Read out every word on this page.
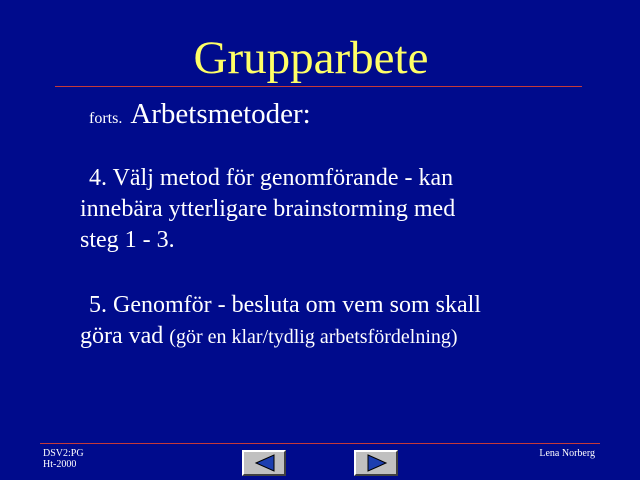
Grupparbete
forts. Arbetsmetoder:
4. Välj metod för genomförande - kan
innebära ytterligare brainstorming med
steg 1 - 3.
5. Genomför - besluta om vem som skall
göra vad (gör en klar/tydlig arbetsfördelning)
DSV2:PG
Ht-2000
Lena Norberg
